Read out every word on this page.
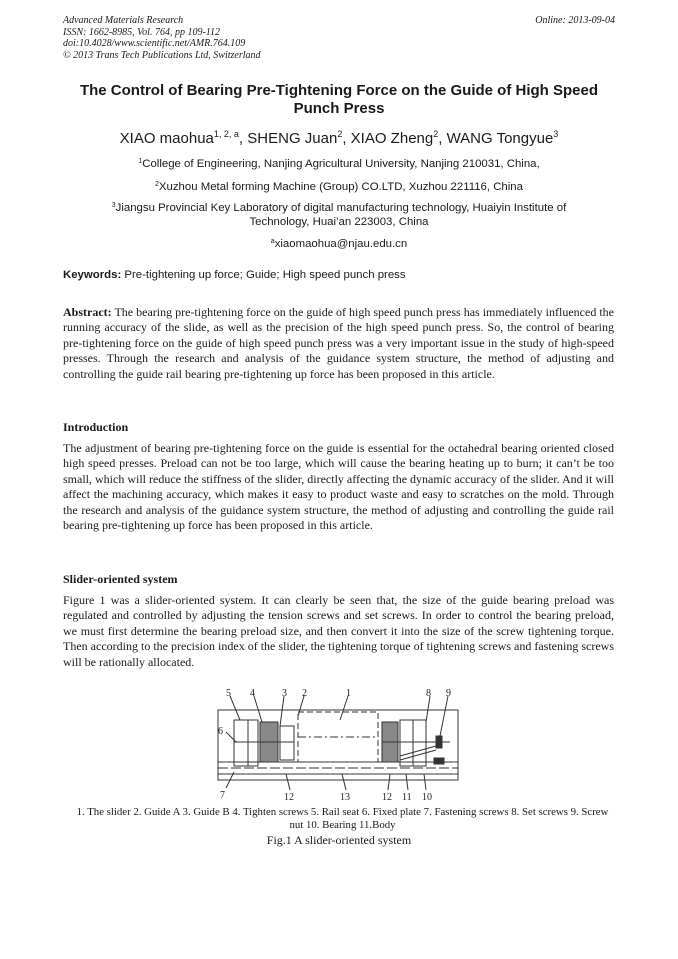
Advanced Materials Research
ISSN: 1662-8985, Vol. 764, pp 109-112
doi:10.4028/www.scientific.net/AMR.764.109
© 2013 Trans Tech Publications Ltd, Switzerland
Online: 2013-09-04
The Control of Bearing Pre-Tightening Force on the Guide of High Speed Punch Press
XIAO maohua$^{1, 2, a}$, SHENG Juan$^2$, XIAO Zheng$^2$, WANG Tongyue$^3$
$^1$College of Engineering, Nanjing Agricultural University, Nanjing 210031, China,
$^2$Xuzhou Metal forming Machine (Group) CO.LTD, Xuzhou 221116, China
$^3$Jiangsu Provincial Key Laboratory of digital manufacturing technology, Huaiyin Institute of Technology, Huai’an 223003, China
$^a$xiaomaohua@njau.edu.cn
Keywords: Pre-tightening up force; Guide; High speed punch press
Abstract: The bearing pre-tightening force on the guide of high speed punch press has immediately influenced the running accuracy of the slide, as well as the precision of the high speed punch press. So, the control of bearing pre-tightening force on the guide of high speed punch press was a very important issue in the study of high-speed presses. Through the research and analysis of the guidance system structure, the method of adjusting and controlling the guide rail bearing pre-tightening up force has been proposed in this article.
Introduction
The adjustment of bearing pre-tightening force on the guide is essential for the octahedral bearing oriented closed high speed presses. Preload can not be too large, which will cause the bearing heating up to burn; it can’t be too small, which will reduce the stiffness of the slider, directly affecting the dynamic accuracy of the slider. And it will affect the machining accuracy, which makes it easy to product waste and easy to scratches on the mold. Through the research and analysis of the guidance system structure, the method of adjusting and controlling the guide rail bearing pre-tightening up force has been proposed in this article.
Slider-oriented system
Figure 1 was a slider-oriented system. It can clearly be seen that, the size of the guide bearing preload was regulated and controlled by adjusting the tension screws and set screws. In order to control the bearing preload, we must first determine the bearing preload size, and then convert it into the size of the screw tightening torque. Then according to the precision index of the slider, the tightening torque of tightening screws and fastening screws will be rationally allocated.
5 4	3 2	1	8 9
6
7	12	13	12 11 10
1. The slider 2. Guide A 3. Guide B 4. Tighten screws 5. Rail seat 6. Fixed plate 7. Fastening screws 8. Set screws 9. Screw nut 10. Bearing 11.Body
Fig.1 A slider-oriented system
